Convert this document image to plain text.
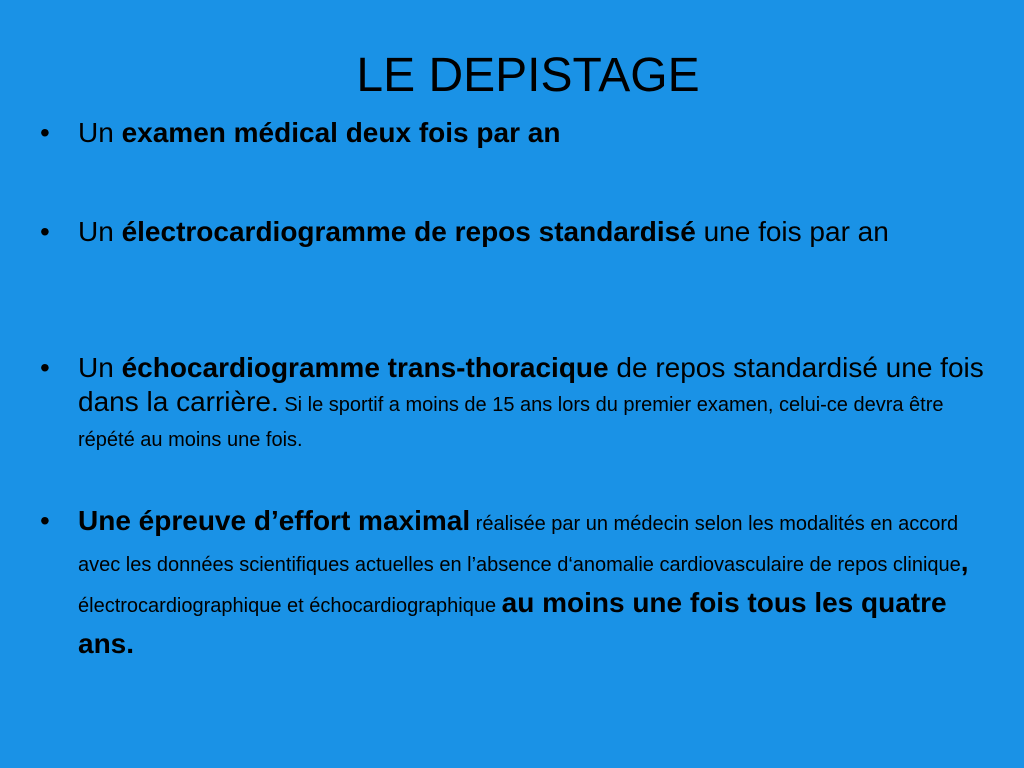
LE DEPISTAGE
• Un examen médical deux fois par an
• Un électrocardiogramme de repos standardisé une fois par an
• Un échocardiogramme trans-thoracique de repos standardisé une fois dans la carrière. Si le sportif a moins de 15 ans lors du premier examen, celui-ce devra être répété au moins une fois.
• Une épreuve d’effort maximal réalisée par un médecin selon les modalités en accord avec les données scientifiques actuelles en l’absence d‘anomalie cardiovasculaire de repos clinique, électrocardiographique et échocardiographique au moins une fois tous les quatre ans.
